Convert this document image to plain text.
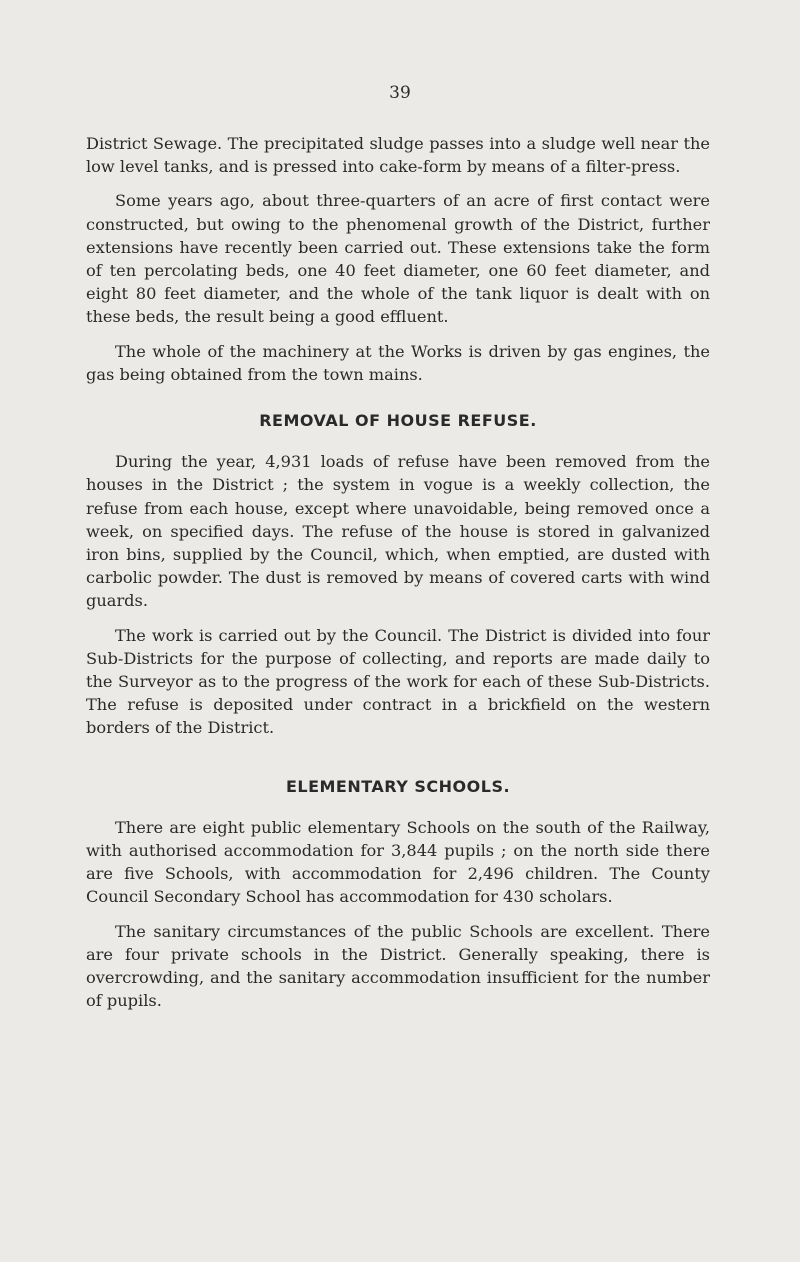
39

District Sewage. The precipitated sludge passes into a sludge well near the low level tanks, and is pressed into cake-form by means of a filter-press.

Some years ago, about three-quarters of an acre of first contact were constructed, but owing to the phenomenal growth of the District, further extensions have recently been carried out. These extensions take the form of ten percolating beds, one 40 feet diameter, one 60 feet diameter, and eight 80 feet diameter, and the whole of the tank liquor is dealt with on these beds, the result being a good effluent.

The whole of the machinery at the Works is driven by gas engines, the gas being obtained from the town mains.

REMOVAL OF HOUSE REFUSE.

During the year, 4,931 loads of refuse have been removed from the houses in the District ; the system in vogue is a weekly collection, the refuse from each house, except where unavoidable, being removed once a week, on specified days. The refuse of the house is stored in galvanized iron bins, supplied by the Council, which, when emptied, are dusted with carbolic powder. The dust is removed by means of covered carts with wind guards.

The work is carried out by the Council. The District is divided into four Sub-Districts for the purpose of collecting, and reports are made daily to the Surveyor as to the progress of the work for each of these Sub-Districts. The refuse is deposited under contract in a brickfield on the western borders of the District.

ELEMENTARY SCHOOLS.

There are eight public elementary Schools on the south of the Railway, with authorised accommodation for 3,844 pupils ; on the north side there are five Schools, with accommodation for 2,496 children. The County Council Secondary School has accommodation for 430 scholars.

The sanitary circumstances of the public Schools are excellent. There are four private schools in the District. Generally speaking, there is overcrowding, and the sanitary accommodation insufficient for the number of pupils.
